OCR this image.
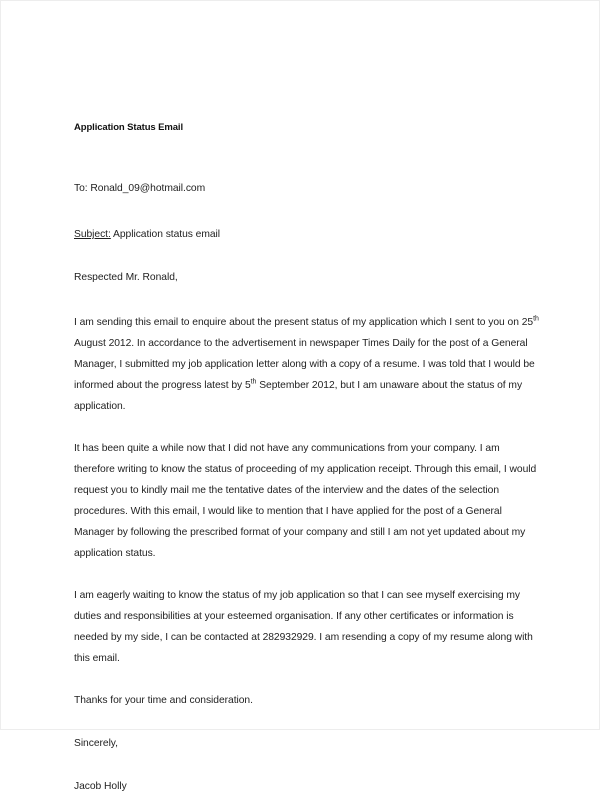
Application Status Email
To: Ronald_09@hotmail.com
Subject: Application status email
Respected Mr. Ronald,
I am sending this email to enquire about the present status of my application which I sent to you on 25th August 2012. In accordance to the advertisement in newspaper Times Daily for the post of a General Manager, I submitted my job application letter along with a copy of a resume. I was told that I would be informed about the progress latest by 5th September 2012, but I am unaware about the status of my application.
It has been quite a while now that I did not have any communications from your company. I am therefore writing to know the status of proceeding of my application receipt. Through this email, I would request you to kindly mail me the tentative dates of the interview and the dates of the selection procedures. With this email, I would like to mention that I have applied for the post of a General Manager by following the prescribed format of your company and still I am not yet updated about my application status.
I am eagerly waiting to know the status of my job application so that I can see myself exercising my duties and responsibilities at your esteemed organisation. If any other certificates or information is needed by my side, I can be contacted at 282932929. I am resending a copy of my resume along with this email.
Thanks for your time and consideration.
Sincerely,
Jacob Holly
